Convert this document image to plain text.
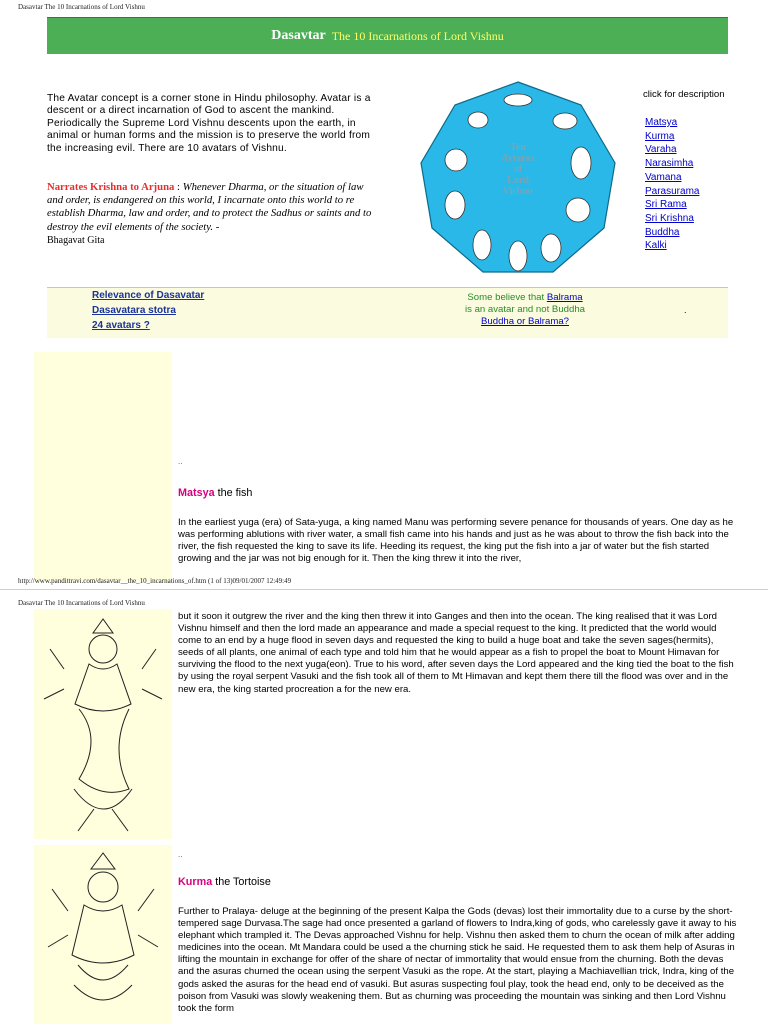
Dasavtar The 10 Incarnations of Lord Vishnu
Dasavtar The 10 Incarnations of Lord Vishnu
The Avatar concept is a corner stone in Hindu philosophy. Avatar is a descent or a direct incarnation of God to ascent the mankind. Periodically the Supreme Lord Vishnu descents upon the earth, in animal or human forms and the mission is to preserve the world from the increasing evil. There are 10 avatars of Vishnu.
Narrates Krishna to Arjuna : Whenever Dharma, or the situation of law and order, is endangered on this world, I incarnate onto this world to re establish Dharma, law and order, and to protect the Sadhus or saints and to destroy the evil elements of the society. -
Bhagavat Gita
Ten
Avtaras
of
Lord
Vishnu
click for description
Matsya
Kurma
Varaha
Narasimha
Vamana
Parasurama
Sri Rama
Sri Krishna
Buddha
Kalki
Relevance of Dasavatar
Dasavatara stotra
24 avatars ?
Some believe that Balrama
is an avatar and not Buddha
Buddha or Balrama?
.
..
Matsya the fish
In the earliest yuga (era) of Sata-yuga, a king named Manu was performing severe penance for thousands of years. One day as he was performing ablutions with river water, a small fish came into his hands and just as he was about to throw the fish back into the river, the fish requested the king to save its life. Heeding its request, the king put the fish into a jar of water but the fish started growing and the jar was not big enough for it. Then the king threw it into the river,
http://www.pandittravi.com/dasavtar__the_10_incarnations_of.htm (1 of 13)09/01/2007 12:49:49
Dasavtar The 10 Incarnations of Lord Vishnu
but it soon it outgrew the river and the king then threw it into Ganges and then into the ocean. The king realised that it was Lord Vishnu himself and then the lord made an appearance and made a special request to the king. It predicted that the world would come to an end by a huge flood in seven days and requested the king to build a huge boat and take the seven sages(hermits), seeds of all plants, one animal of each type and told him that he would appear as a fish to propel the boat to Mount Himavan for surviving the flood to the next yuga(eon). True to his word, after seven days the Lord appeared and the king tied the boat to the fish by using the royal serpent Vasuki and the fish took all of them to Mt Himavan and kept them there till the flood was over and in the new era, the king started procreation a for the new era.
..
Kurma the Tortoise
Further to Pralaya- deluge at the beginning of the present Kalpa the Gods (devas) lost their immortality due to a curse by the short-tempered sage Durvasa.The sage had once presented a garland of flowers to Indra,king of gods, who carelessly gave it away to his elephant which trampled it. The Devas approached Vishnu for help. Vishnu then asked them to churn the ocean of milk after adding medicines into the ocean. Mt Mandara could be used a the churning stick he said. He requested them to ask them help of Asuras in lifting the mountain in exchange for offer of the share of nectar of immortality that would ensue from the churning. Both the devas and the asuras churned the ocean using the serpent Vasuki as the rope. At the start, playing a Machiavellian trick, Indra, king of the gods asked the asuras for the head end of vasuki. But asuras suspecting foul play, took the head end, only to be deceived as the poison from Vasuki was slowly weakening them. But as churning was proceeding the mountain was sinking and then Lord Vishnu took the form
